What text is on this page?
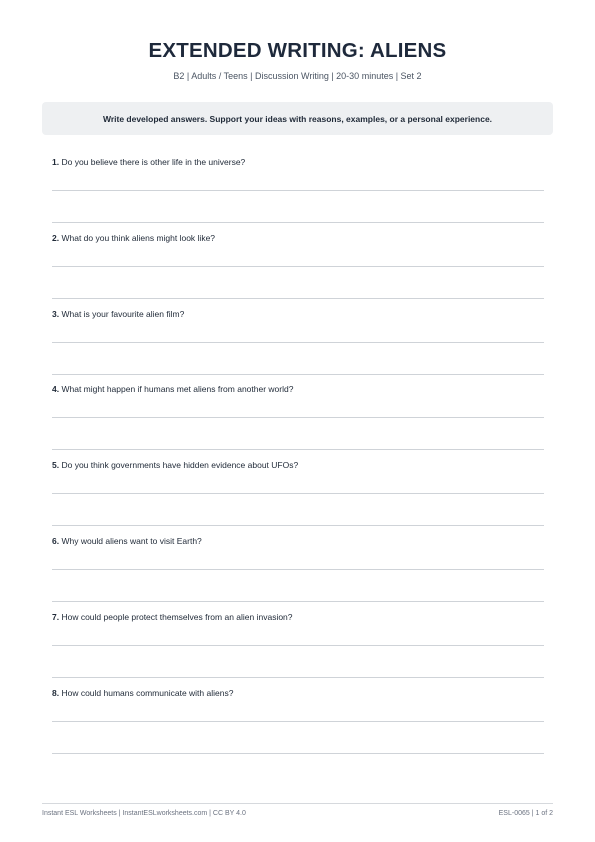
EXTENDED WRITING: ALIENS
B2 | Adults / Teens | Discussion Writing | 20-30 minutes | Set 2
Write developed answers. Support your ideas with reasons, examples, or a personal experience.
1. Do you believe there is other life in the universe?
2. What do you think aliens might look like?
3. What is your favourite alien film?
4. What might happen if humans met aliens from another world?
5. Do you think governments have hidden evidence about UFOs?
6. Why would aliens want to visit Earth?
7. How could people protect themselves from an alien invasion?
8. How could humans communicate with aliens?
Instant ESL Worksheets | InstantESLworksheets.com | CC BY 4.0	ESL-0065 | 1 of 2
